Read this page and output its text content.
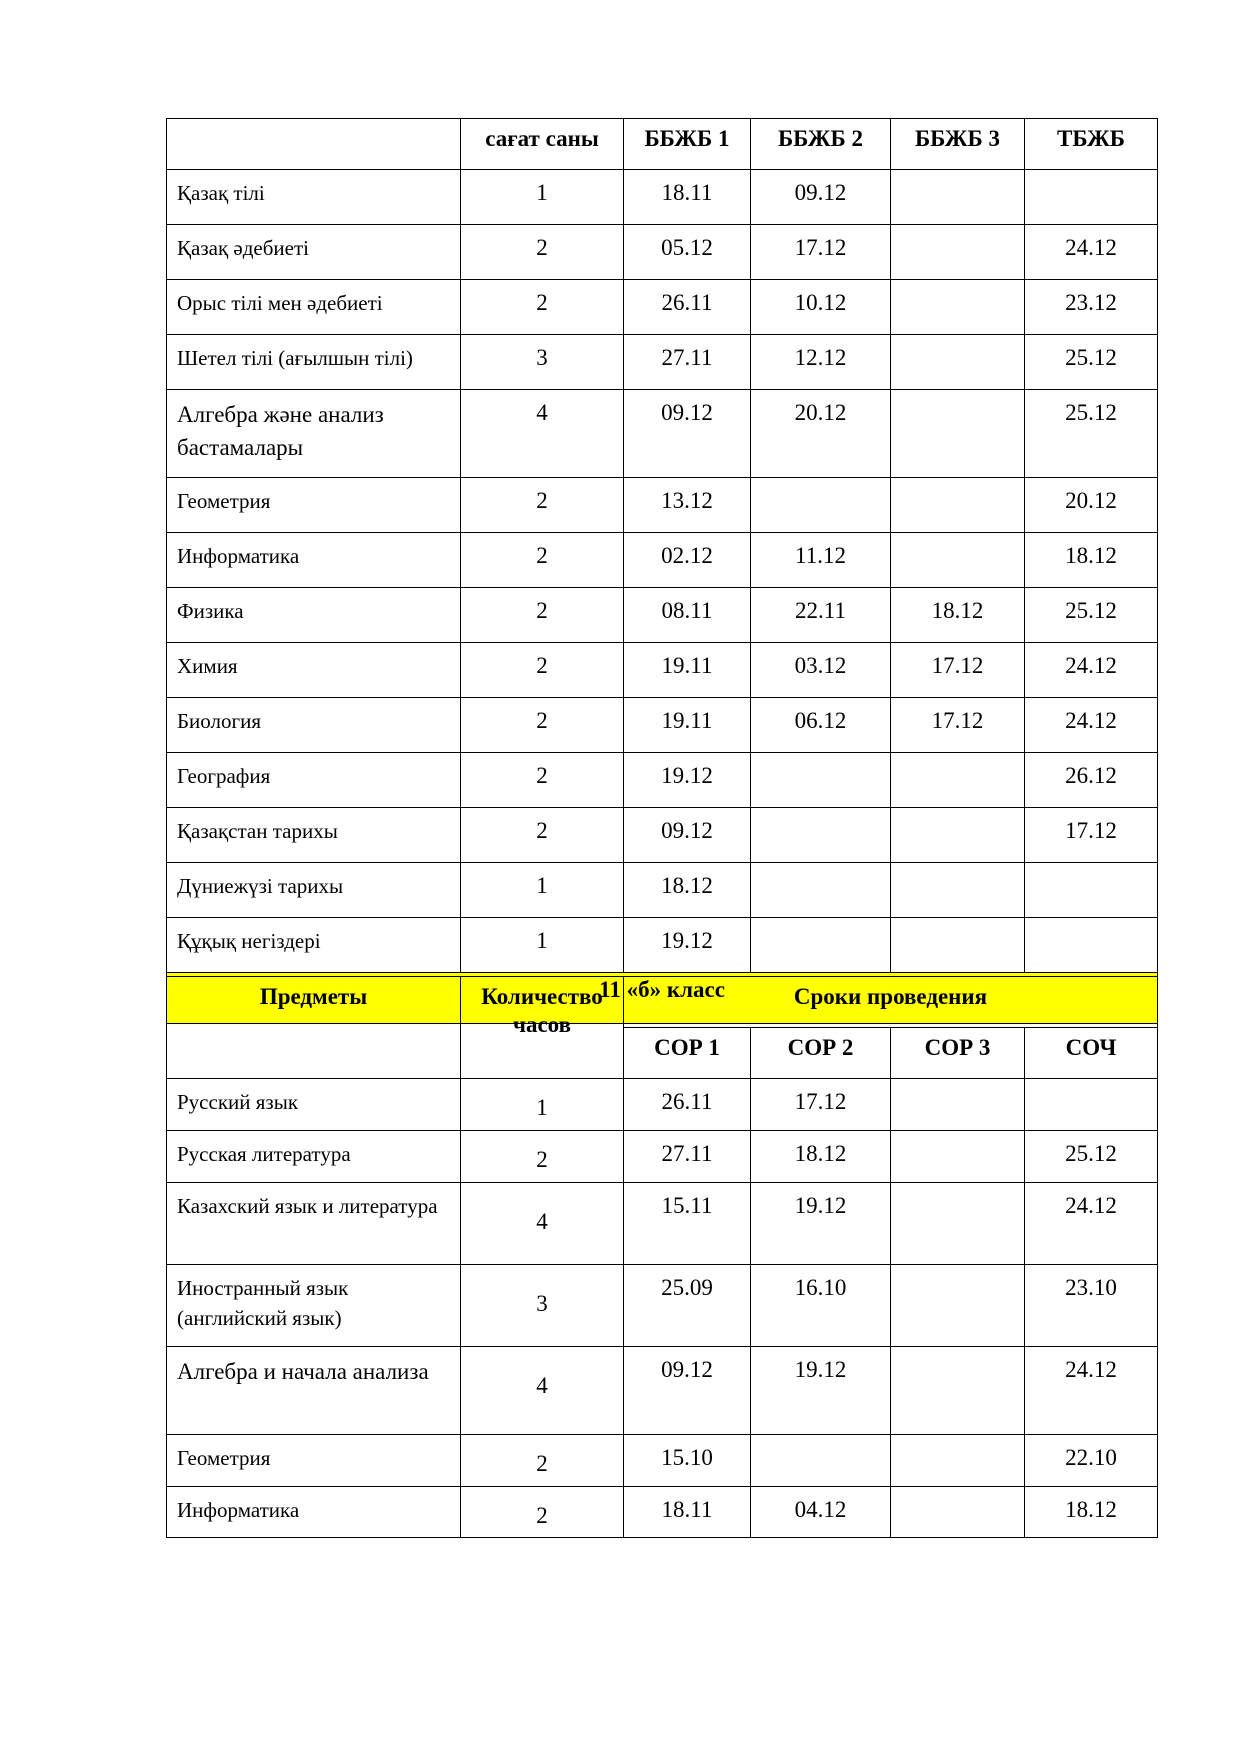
	сағат саны	ББЖБ 1	ББЖБ 2	ББЖБ 3	ТБЖБ
Қазақ тілі	1	18.11	09.12		
Қазақ әдебиеті	2	05.12	17.12		24.12
Орыс тілі мен әдебиеті	2	26.11	10.12		23.12
Шетел тілі (ағылшын тілі)	3	27.11	12.12		25.12
Алгебра және анализ бастамалары	4	09.12	20.12		25.12
Геометрия	2	13.12			20.12
Информатика	2	02.12	11.12		18.12
Физика	2	08.11	22.11	18.12	25.12
Химия	2	19.11	03.12	17.12	24.12
Биология	2	19.11	06.12	17.12	24.12
География	2	19.12			26.12
Қазақстан тарихы	2	09.12			17.12
Дүниежүзі тарихы	1	18.12			
Құқық негіздері	1	19.12			
11 «б» класс					
Предметы	Количество часов	Сроки проведения			
		СОР 1	СОР 2	СОР 3	СОЧ
Русский язык	1	26.11	17.12		
Русская литература	2	27.11	18.12		25.12
Казахский язык и литература	4	15.11	19.12		24.12
Иностранный язык (английский язык)	3	25.09	16.10		23.10
Алгебра и начала анализа	4	09.12	19.12		24.12
Геометрия	2	15.10			22.10
Информатика	2	18.11	04.12		18.12
